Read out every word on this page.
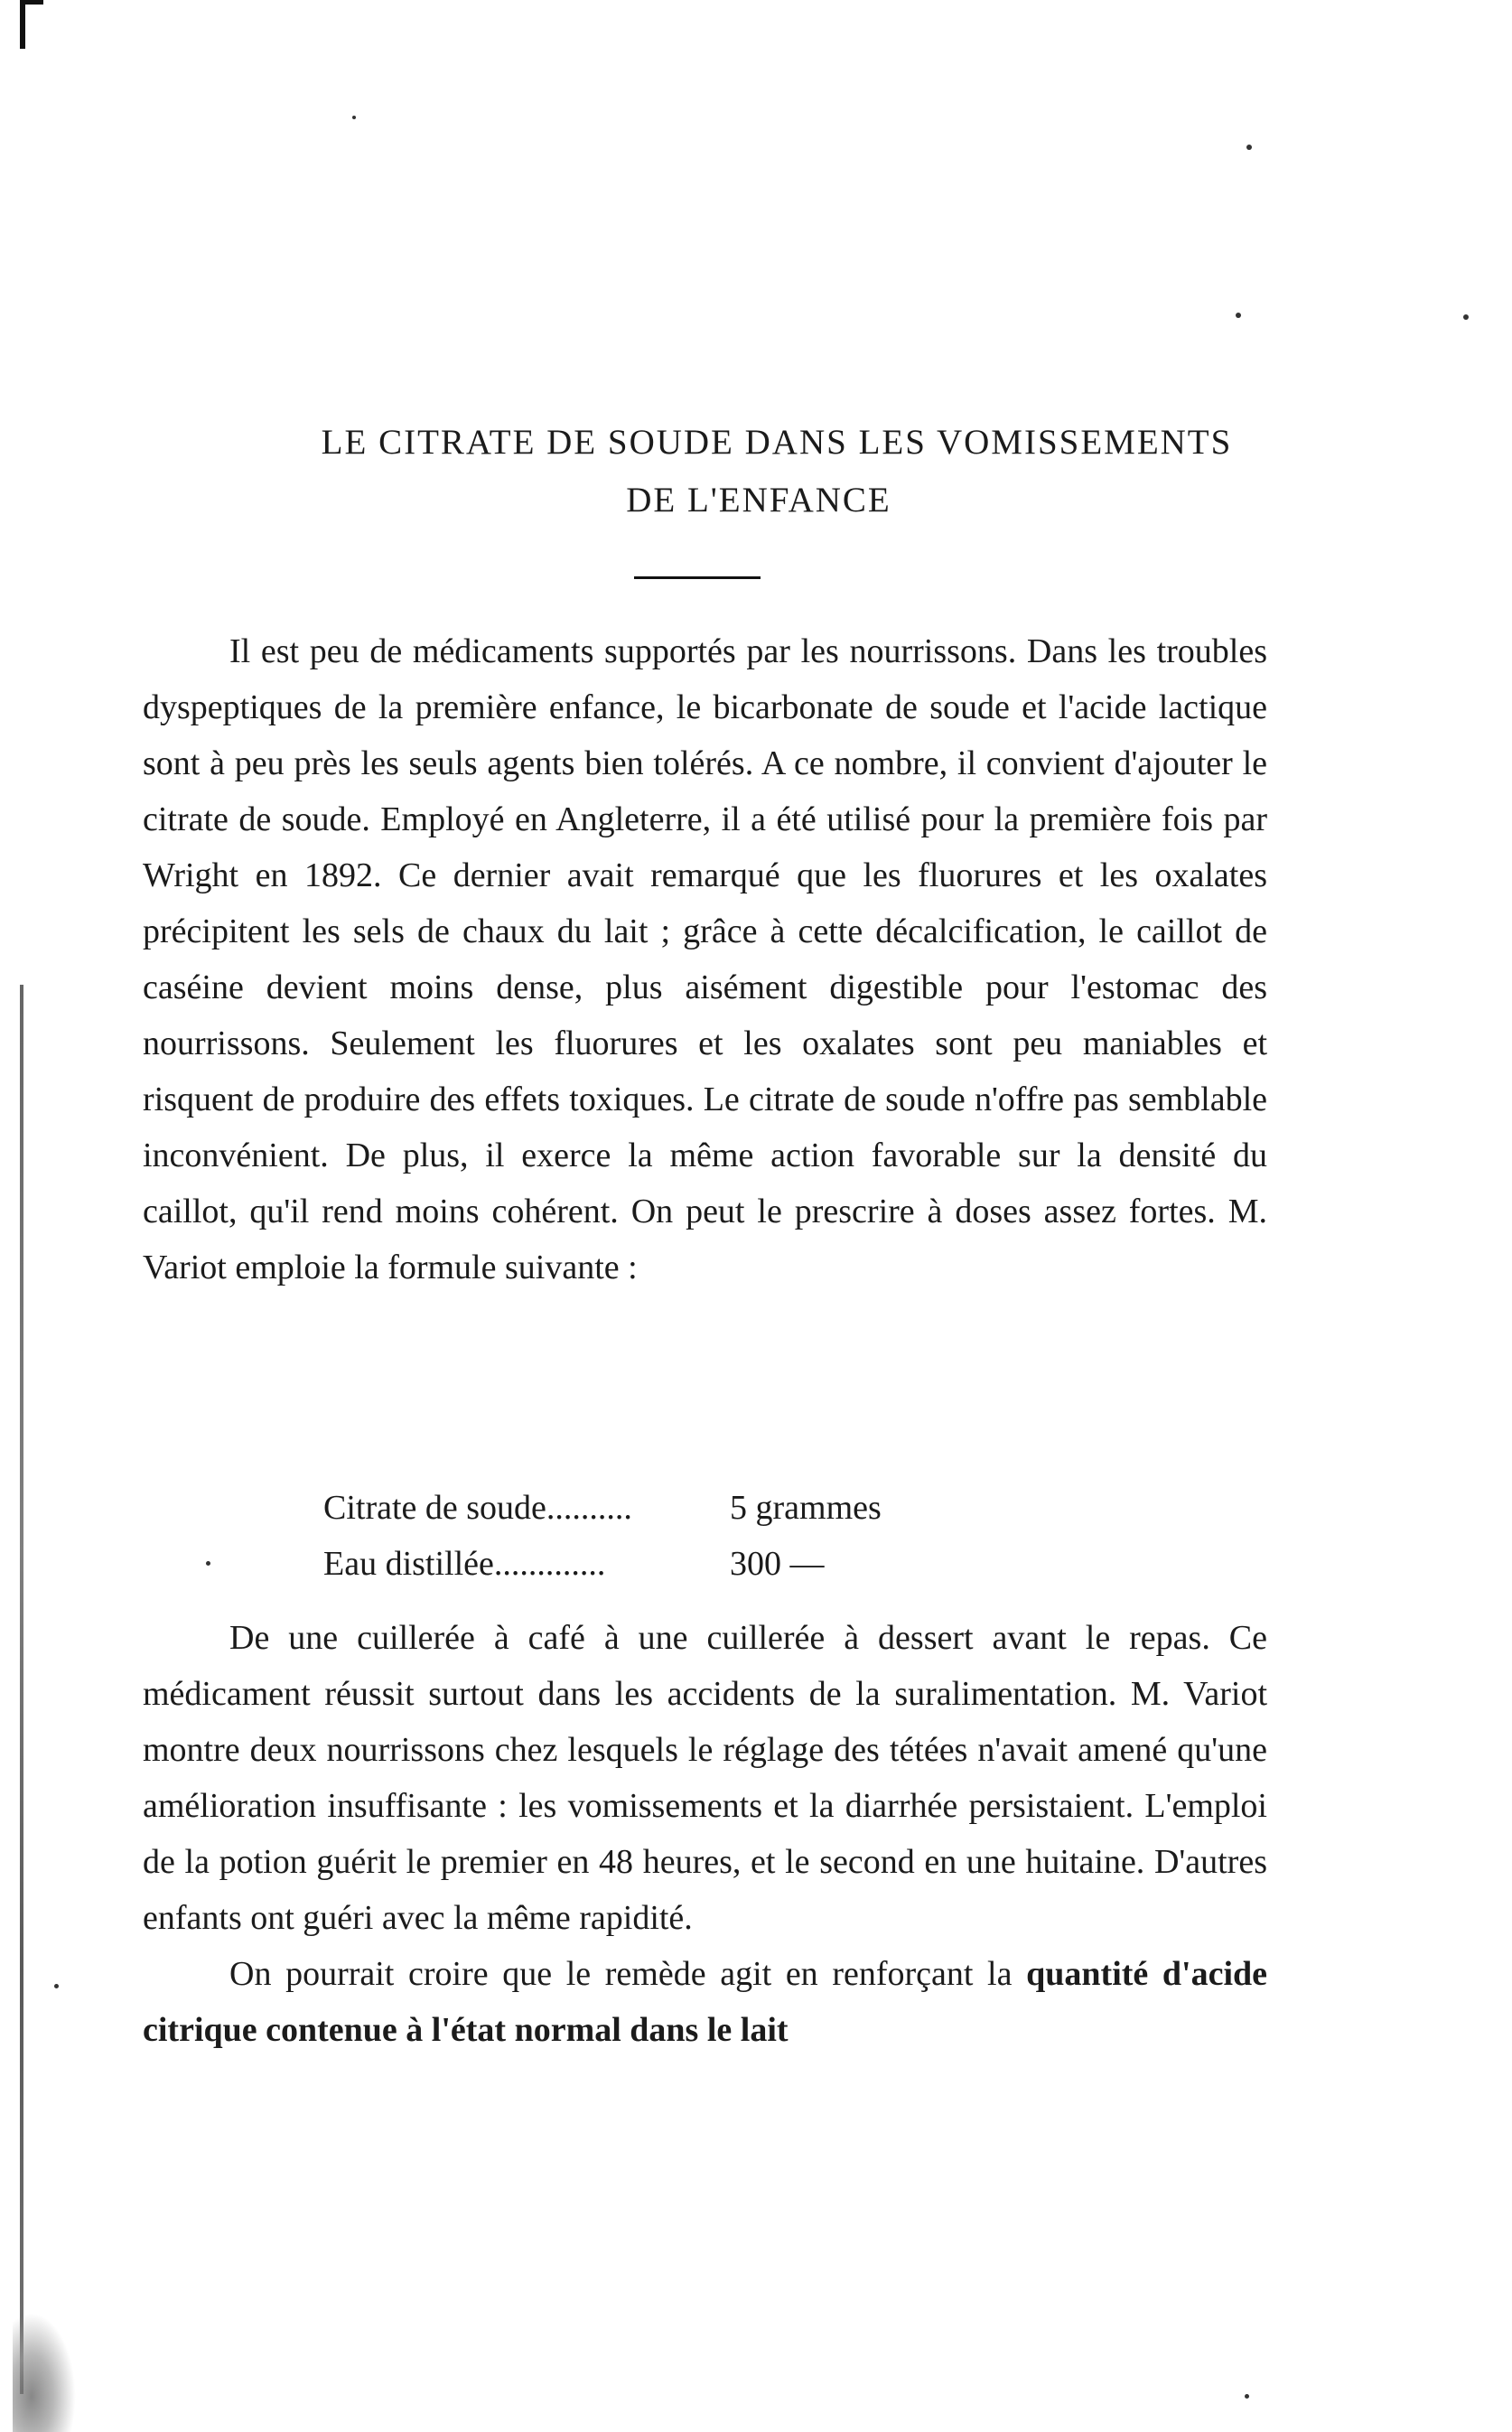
LE CITRATE DE SOUDE DANS LES VOMISSEMENTS
DE L'ENFANCE

Il est peu de médicaments supportés par les nourrissons. Dans les troubles dyspeptiques de la première enfance, le bicarbonate de soude et l'acide lactique sont à peu près les seuls agents bien tolérés. A ce nombre, il convient d'ajouter le citrate de soude. Employé en Angleterre, il a été utilisé pour la première fois par Wright en 1892. Ce dernier avait remarqué que les fluorures et les oxalates précipitent les sels de chaux du lait ; grâce à cette décalcification, le caillot de caséine devient moins dense, plus aisément digestible pour l'estomac des nourrissons. Seulement les fluorures et les oxalates sont peu maniables et risquent de produire des effets toxiques. Le citrate de soude n'offre pas semblable inconvénient. De plus, il exerce la même action favorable sur la densité du caillot, qu'il rend moins cohérent. On peut le prescrire à doses assez fortes. M. Variot emploie la formule suivante :

Citrate de soude..........	5 grammes
Eau distillée.............	300 —

De une cuillerée à café à une cuillerée à dessert avant le repas. Ce médicament réussit surtout dans les accidents de la suralimentation. M. Variot montre deux nourrissons chez lesquels le réglage des tétées n'avait amené qu'une amélioration insuffisante : les vomissements et la diarrhée persistaient. L'emploi de la potion guérit le premier en 48 heures, et le second en une huitaine. D'autres enfants ont guéri avec la même rapidité.

On pourrait croire que le remède agit en renforçant la quantité d'acide citrique contenue à l'état normal dans le lait
